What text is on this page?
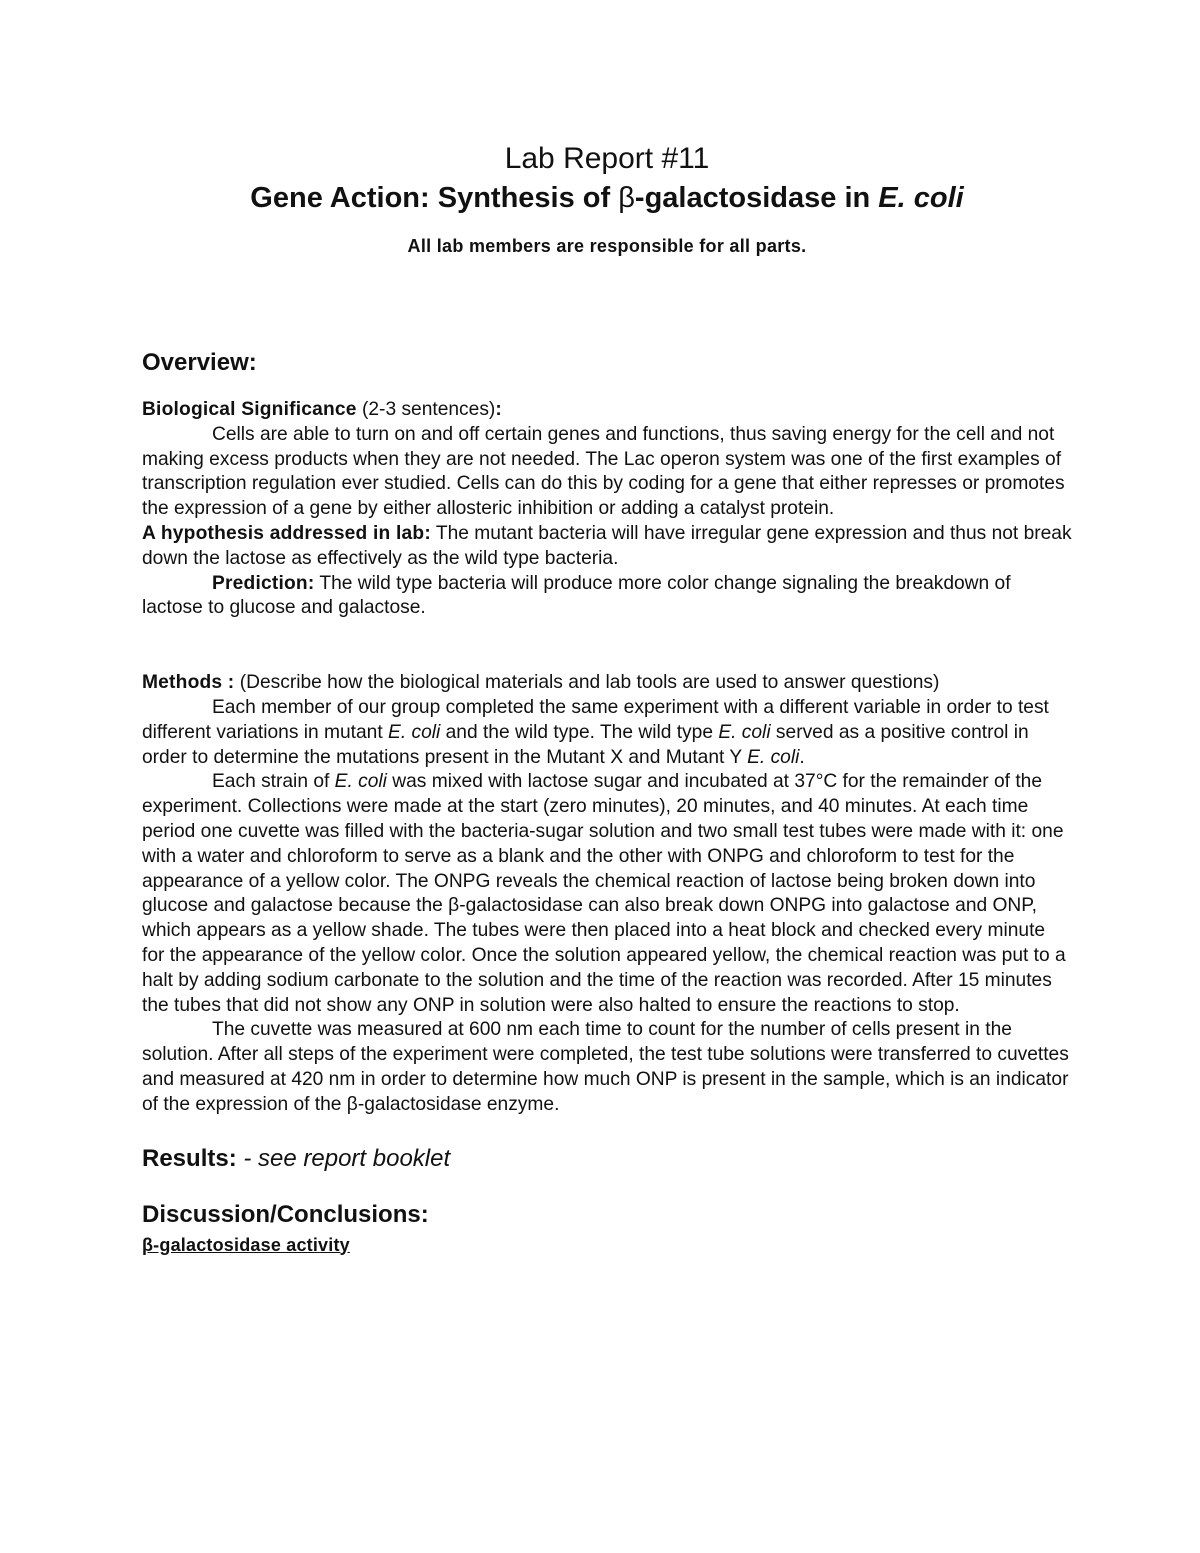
Lab Report #11
Gene Action: Synthesis of β-galactosidase in E. coli

All lab members are responsible for all parts.

Overview:

Biological Significance (2-3 sentences):

Cells are able to turn on and off certain genes and functions, thus saving energy for the cell and not making excess products when they are not needed. The Lac operon system was one of the first examples of transcription regulation ever studied. Cells can do this by coding for a gene that either represses or promotes the expression of a gene by either allosteric inhibition or adding a catalyst protein.

A hypothesis addressed in lab: The mutant bacteria will have irregular gene expression and thus not break down the lactose as effectively as the wild type bacteria.

Prediction: The wild type bacteria will produce more color change signaling the breakdown of lactose to glucose and galactose.

Methods : (Describe how the biological materials and lab tools are used to answer questions)

Each member of our group completed the same experiment with a different variable in order to test different variations in mutant E. coli and the wild type. The wild type E. coli served as a positive control in order to determine the mutations present in the Mutant X and Mutant Y E. coli.

Each strain of E. coli was mixed with lactose sugar and incubated at 37°C for the remainder of the experiment. Collections were made at the start (zero minutes), 20 minutes, and 40 minutes. At each time period one cuvette was filled with the bacteria-sugar solution and two small test tubes were made with it: one with a water and chloroform to serve as a blank and the other with ONPG and chloroform to test for the appearance of a yellow color. The ONPG reveals the chemical reaction of lactose being broken down into glucose and galactose because the β-galactosidase can also break down ONPG into galactose and ONP, which appears as a yellow shade. The tubes were then placed into a heat block and checked every minute for the appearance of the yellow color. Once the solution appeared yellow, the chemical reaction was put to a halt by adding sodium carbonate to the solution and the time of the reaction was recorded. After 15 minutes the tubes that did not show any ONP in solution were also halted to ensure the reactions to stop.

The cuvette was measured at 600 nm each time to count for the number of cells present in the solution. After all steps of the experiment were completed, the test tube solutions were transferred to cuvettes and measured at 420 nm in order to determine how much ONP is present in the sample, which is an indicator of the expression of the β-galactosidase enzyme.

Results: - see report booklet
Discussion/Conclusions:
β-galactosidase activity
